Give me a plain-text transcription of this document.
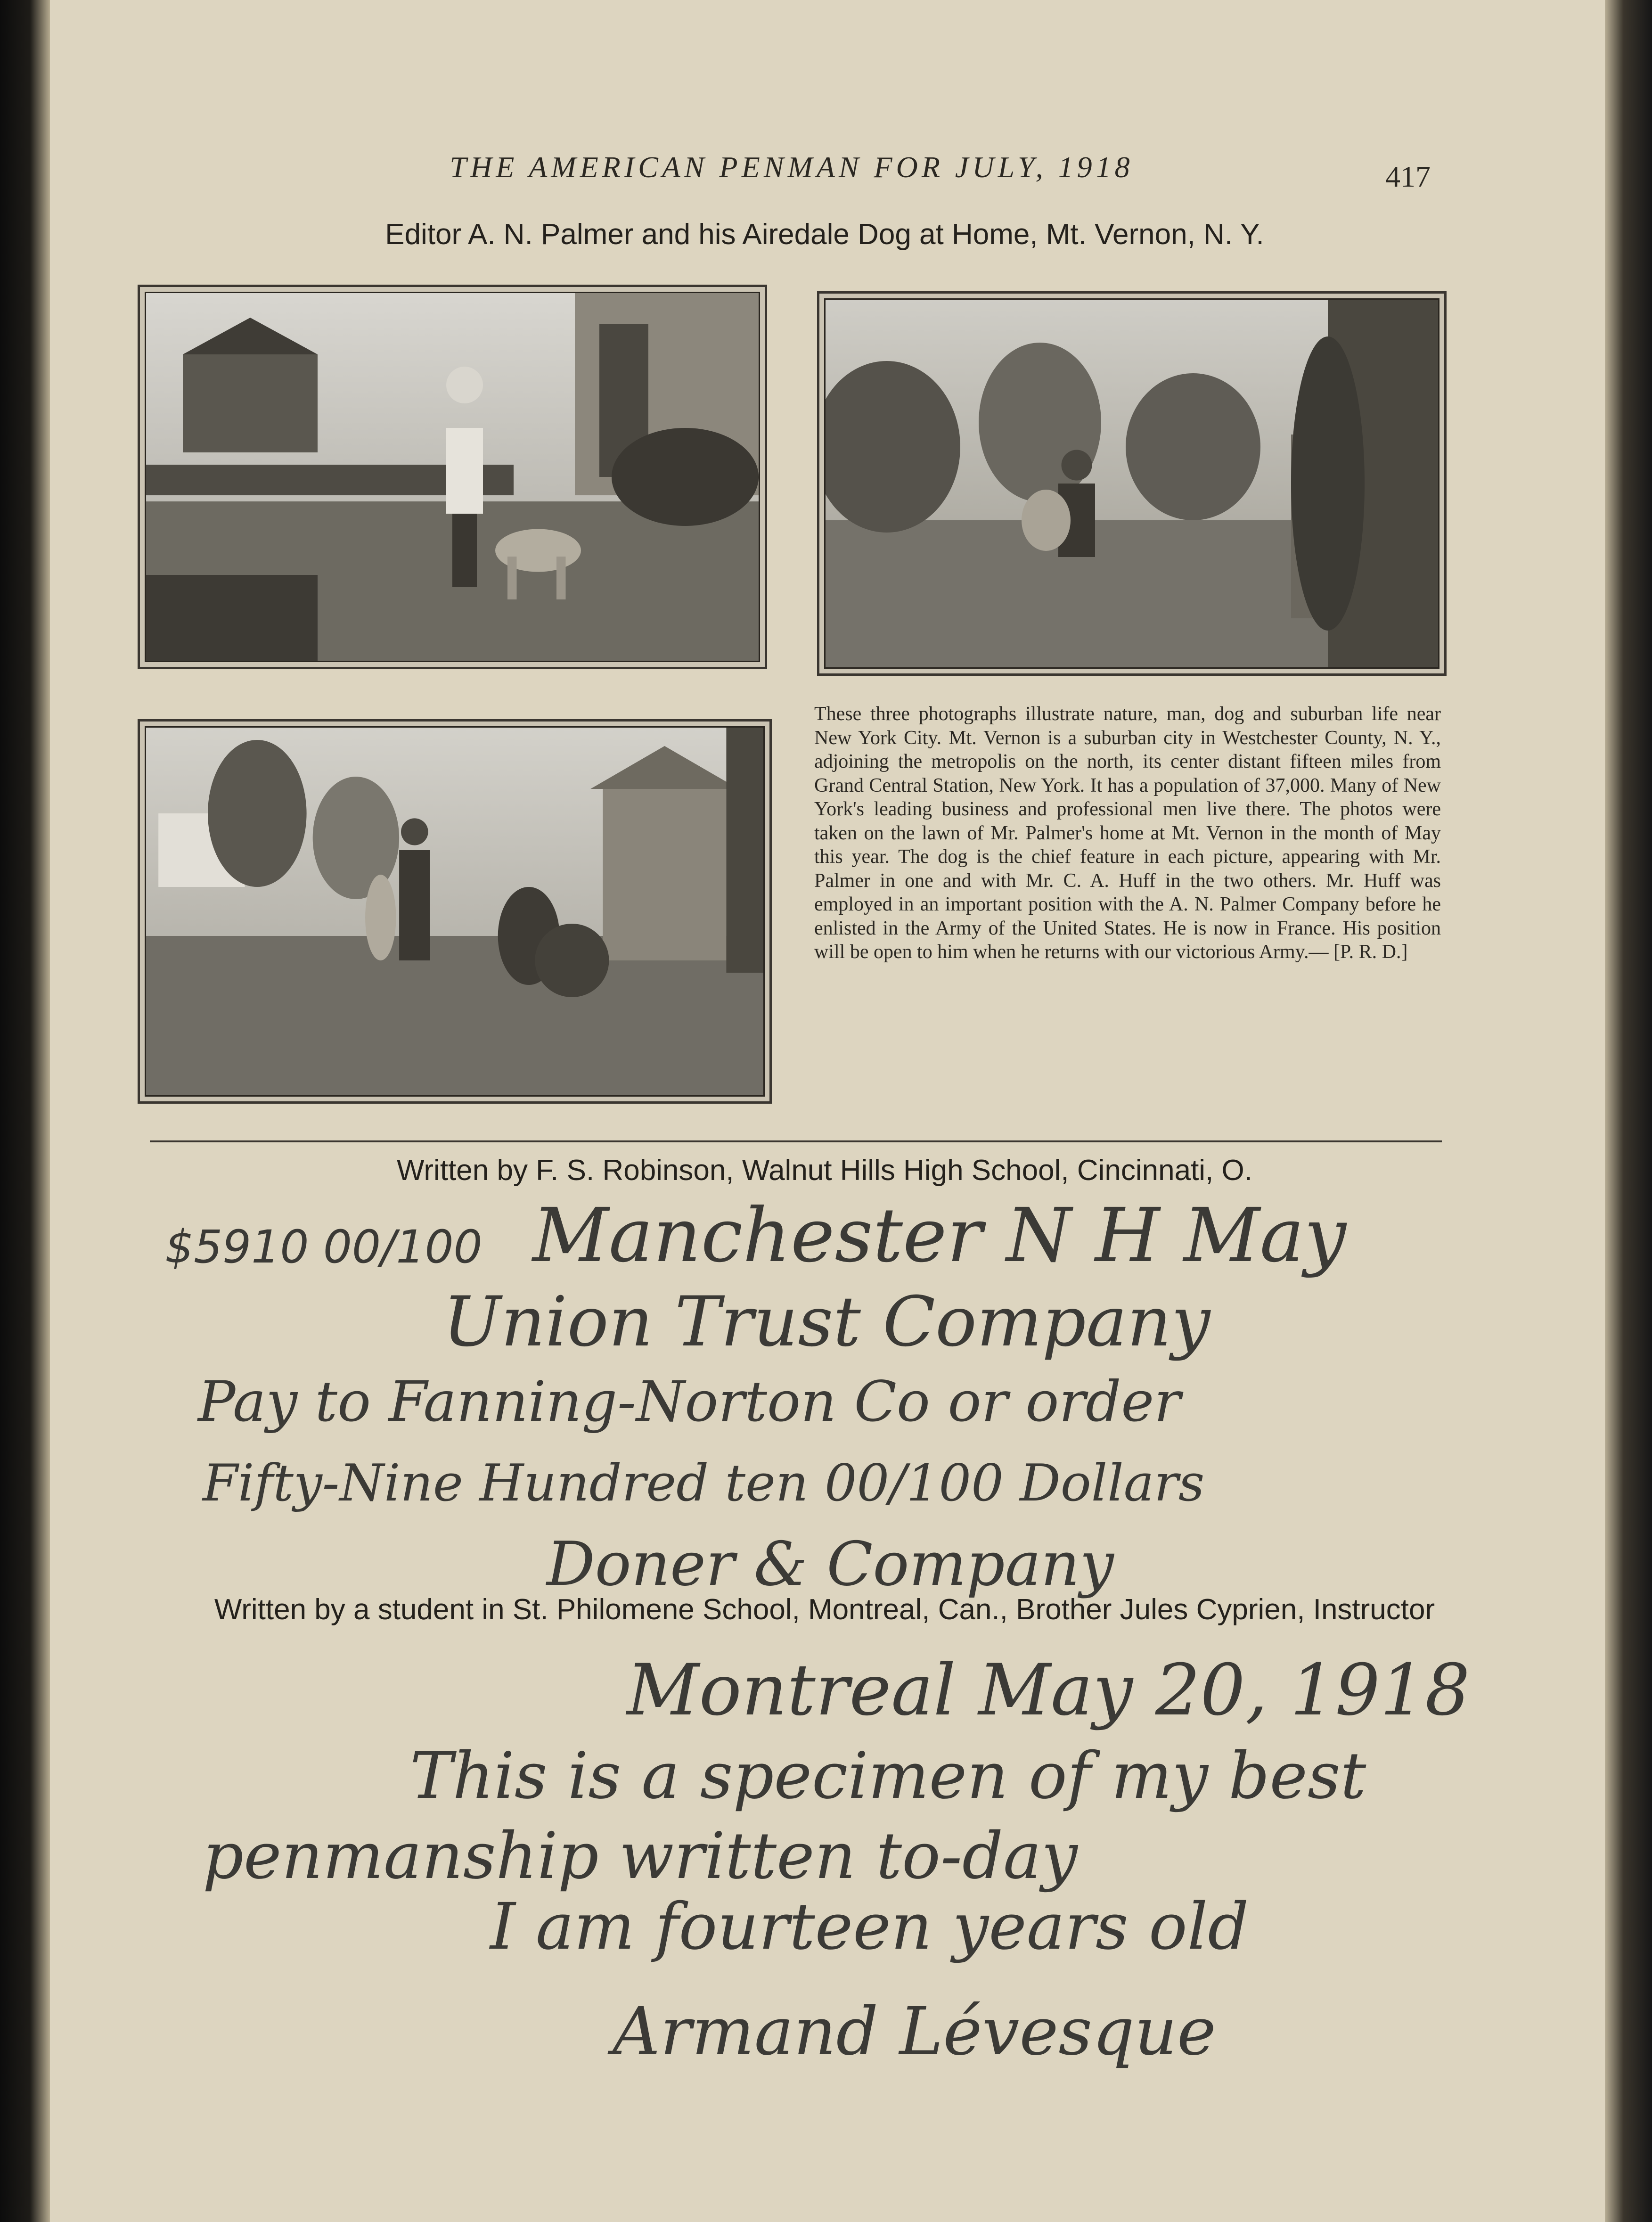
THE AMERICAN PENMAN FOR JULY, 1918	417
Editor A. N. Palmer and his Airedale Dog at Home, Mt. Vernon, N. Y.
These three photographs illustrate nature, man, dog and suburban life near New York City. Mt. Vernon is a suburban city in Westchester County, N. Y., adjoining the metropolis on the north, its center distant fifteen miles from Grand Central Station, New York. It has a population of 37,000. Many of New York's leading business and professional men live there. The photos were taken on the lawn of Mr. Palmer's home at Mt. Vernon in the month of May this year. The dog is the chief feature in each picture, appearing with Mr. Palmer in one and with Mr. C. A. Huff in the two others. Mr. Huff was employed in an important position with the A. N. Palmer Company before he enlisted in the Army of the United States. He is now in France. His position will be open to him when he returns with our victorious Army.— [P. R. D.]
Written by F. S. Robinson, Walnut Hills High School, Cincinnati, O.
$5910 00/100 Manchester N H May
Union Trust Company
Pay to Fanning-Norton Co or order
Fifty-Nine Hundred ten 00/100 Dollars
Doner & Company
Written by a student in St. Philomene School, Montreal, Can., Brother Jules Cyprien, Instructor
Montreal May 20, 1918
This is a specimen of my best
penmanship written to-day
I am fourteen years old
Armand Lévesque
